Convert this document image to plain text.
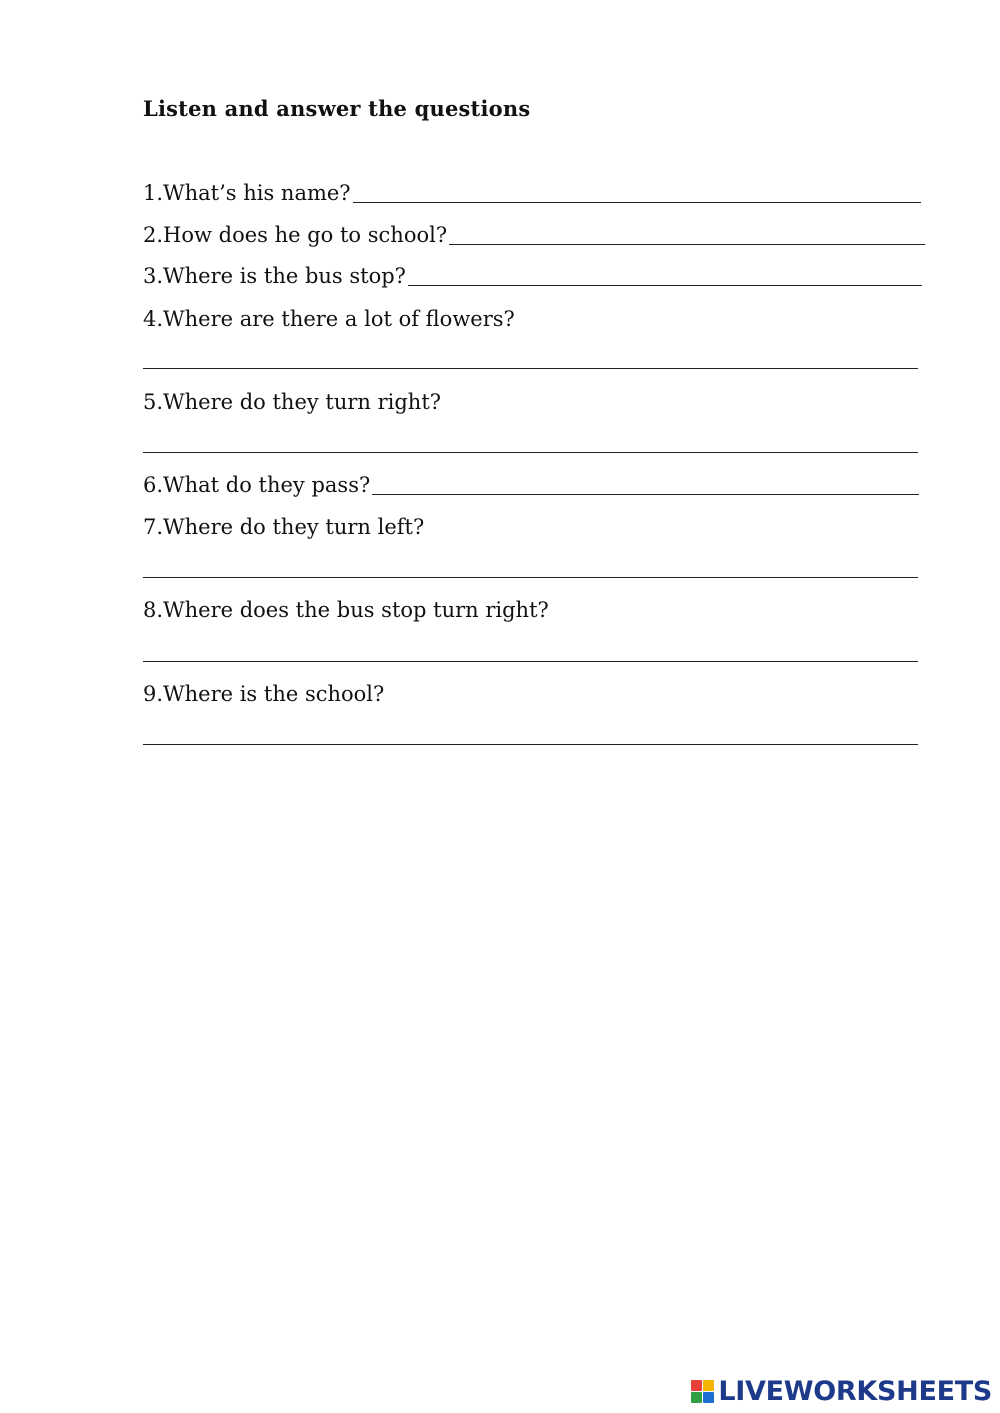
Listen and answer the questions
1.What’s his name?
2.How does he go to school?
3.Where is the bus stop?
4.Where are there a lot of flowers?
5.Where do they turn right?
6.What do they pass?
7.Where do they turn left?
8.Where does the bus stop turn right?
9.Where is the school?
LIVEWORKSHEETS
